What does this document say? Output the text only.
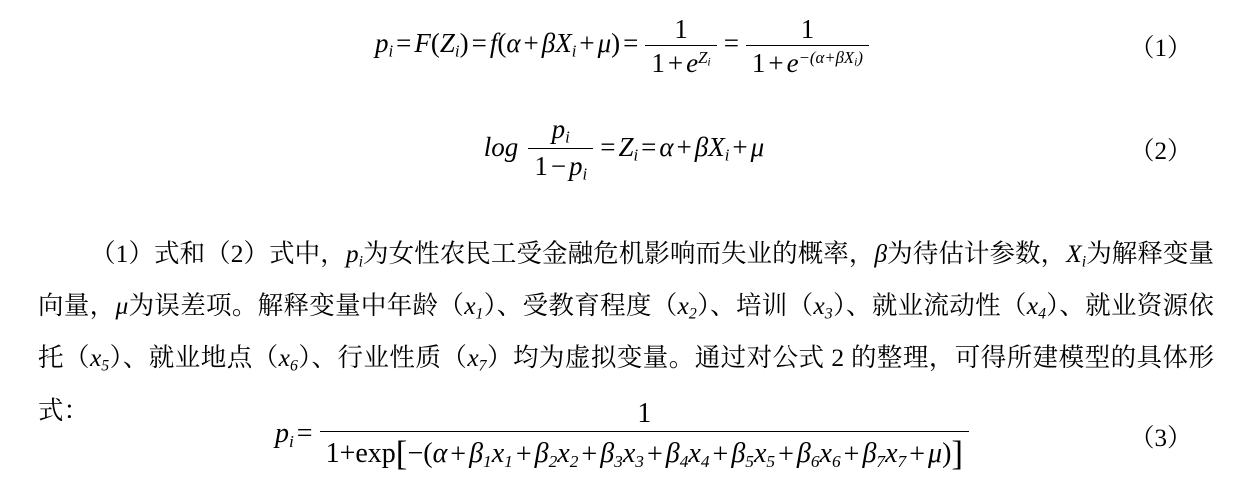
$p_i = F(Z_i) = f(\alpha + \beta X_i + \mu) = \frac{1}{1 + e^{Zi}} = \frac{1}{1 + e^{-(\alpha+\beta Xi)}}$	（1）
$\log \frac{p_i}{1 - p_i} = Z_i = \alpha + \beta X_i + \mu$	（2）

（1）式和（2）式中，$p_i$为女性农民工受金融危机影响而失业的概率，β为待估计参数，$X_i$为解释变量向量，μ为误差项。解释变量中年龄$(x_1)$、受教育程度$(x_2)$、培训$(x_3)$、就业流动性$(x_4)$、就业资源依托$(x_5)$、就业地点$(x_6)$、行业性质$(x_7)$均为虚拟变量。通过对公式 2 的整理，可得所建模型的具体形式：

$p_i = \frac{1}{1+\exp[-(\alpha + \beta_1x_1 + \beta_2x_2 + \beta_3x_3 + \beta_4x_4 + \beta_5x_5 + \beta_6x_6 + \beta_7x_7 + \mu)]}$	（3）
